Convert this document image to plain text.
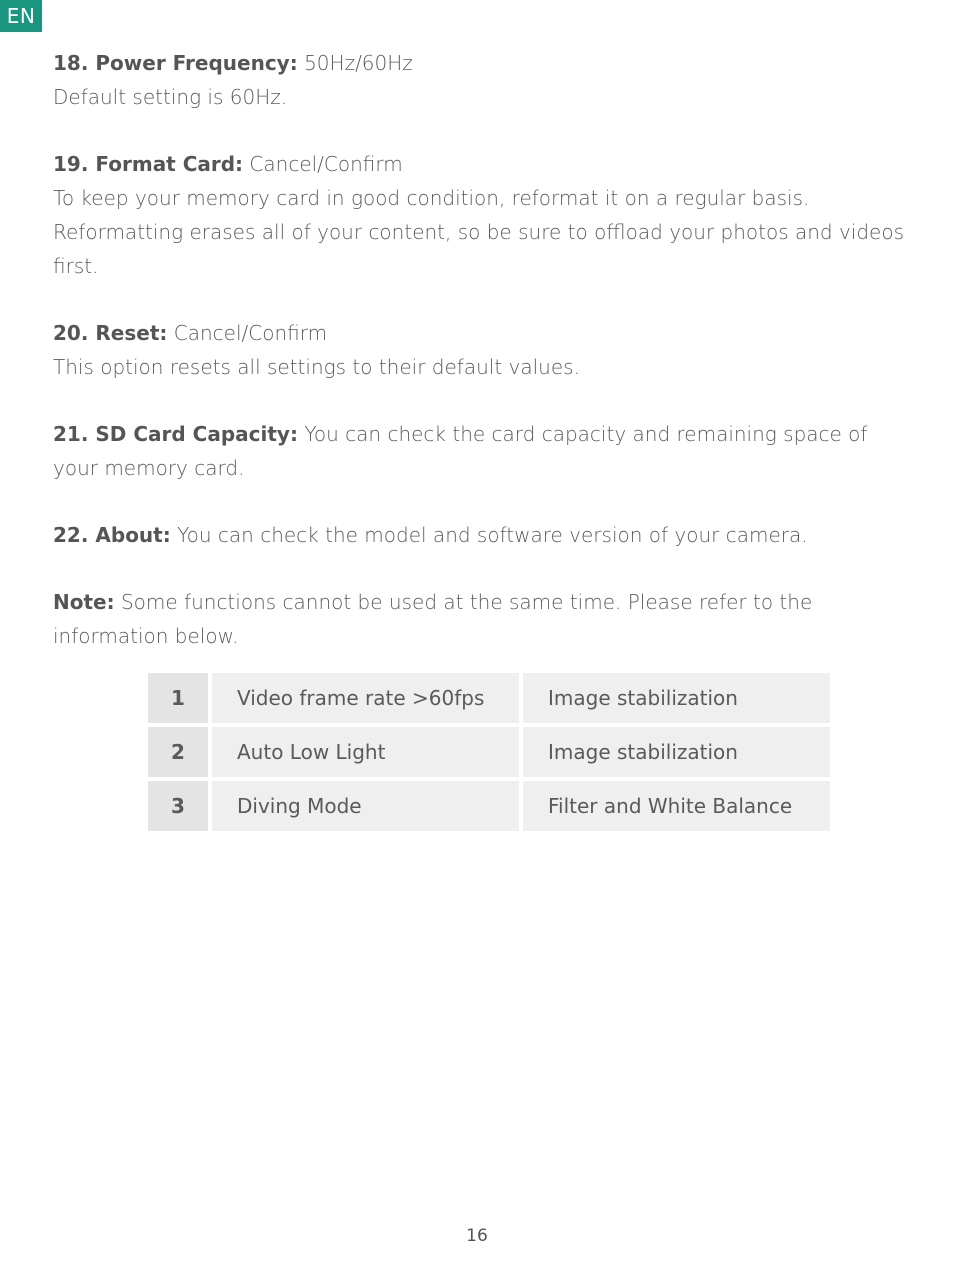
EN

18. Power Frequency: 50Hz/60Hz

Default setting is 60Hz.

19. Format Card: Cancel/Confirm

To keep your memory card in good condition, reformat it on a regular basis. Reformatting erases all of your content, so be sure to offload your photos and videos first.

20. Reset: Cancel/Confirm

This option resets all settings to their default values.

21. SD Card Capacity: You can check the card capacity and remaining space of your memory card.

22. About: You can check the model and software version of your camera.

Note: Some functions cannot be used at the same time. Please refer to the information below.

1	Video frame rate >60fps	Image stabilization
2	Auto Low Light	Image stabilization
3	Diving Mode	Filter and White Balance
16
